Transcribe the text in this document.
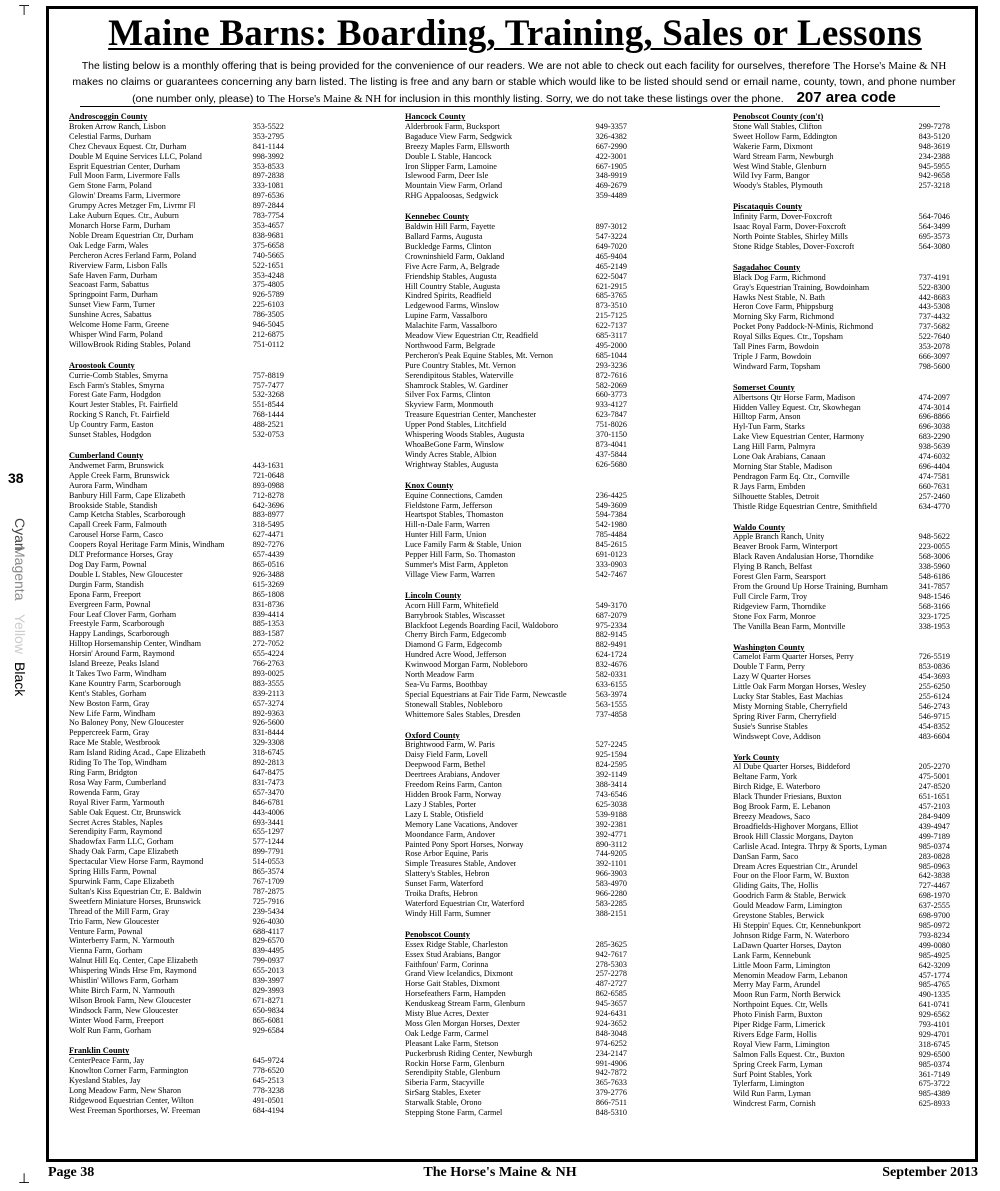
⊤
38
Cyan
Magenta
Yellow
Black
⊥
Maine Barns: Boarding, Training, Sales or Lessons
The listing below is a monthly offering that is being provided for the convenience of our readers. We are not able to check out each facility for ourselves, therefore The Horse's Maine & NH makes no claims or guarantees concerning any barn listed. The listing is free and any barn or stable which would like to be listed should send or email name, county, town, and phone number (one number only, please) to The Horse's Maine & NH for inclusion in this monthly listing. Sorry, we do not take these listings over the phone. 207 area code
Androscoggin County
Broken Arrow Ranch, Lisbon	353-5522
Celestial Farms, Durham	353-2795
Chez Chevaux Equest. Ctr, Durham	841-1144
Double M Equine Services LLC, Poland	998-3992
Esprit Equestrian Center, Durham	353-8533
Full Moon Farm, Livermore Falls	897-2838
Gem Stone Farm, Poland	333-1081
Glowin' Dreams Farm, Livermore	897-6536
Grumpy Acres Metzger Fm, Livrmr Fl	897-2844
Lake Auburn Eques. Ctr., Auburn	783-7754
Monarch Horse Farm, Durham	353-4657
Noble Dream Equestrian Ctr, Durham	838-9681
Oak Ledge Farm, Wales	375-6658
Percheron Acres Ferland Farm, Poland	740-5665
Riverview Farm, Lisbon Falls	522-1651
Safe Haven Farm, Durham	353-4248
Seacoast Farm, Sabattus	375-4805
Springpoint Farm, Durham	926-5789
Sunset View Farm, Turner	225-6103
Sunshine Acres, Sabattus	786-3505
Welcome Home Farm, Greene	946-5045
Whisper Wind Farm, Poland	212-6875
WillowBrook Riding Stables, Poland	751-0112
Aroostook County
Currie-Comb Stables, Smyrna	757-8819
Esch Farm's Stables, Smyrna	757-7477
Forest Gate Farm, Hodgdon	532-3268
Kourt Jester Stables, Ft. Fairfield	551-8544
Rocking S Ranch, Ft. Fairfield	768-1444
Up Country Farm, Easton	488-2521
Sunset Stables, Hodgdon	532-0753
Cumberland County
Andwemet Farm, Brunswick	443-1631
Apple Creek Farm, Brunswick	721-0648
Aurora Farm, Windham	893-0988
Banbury Hill Farm, Cape Elizabeth	712-8278
Brookside Stable, Standish	642-3696
Camp Ketcha Stables, Scarborough	883-8977
Capall Creek Farm, Falmouth	318-5495
Carousel Horse Farm, Casco	627-4471
Coopers Royal Heritage Farm Minis, Windham	892-7276
DLT Preformance Horses, Gray	657-4439
Dog Day Farm, Pownal	865-0516
Double L Stables, New Gloucester	926-3488
Durgin Farm, Standish	615-3269
Epona Farm, Freeport	865-1808
Evergreen Farm, Pownal	831-8736
Four Leaf Clover Farm, Gorham	839-4414
Freestyle Farm, Scarborough	885-1353
Happy Landings, Scarborough	883-1587
Hilltop Horsemanship Center, Windham	272-7052
Horsin' Around Farm, Raymond	655-4224
Island Breeze, Peaks Island	766-2763
It Takes Two Farm, Windham	893-0025
Kane Kountry Farm, Scarborough	883-3555
Kent's Stables, Gorham	839-2113
New Boston Farm, Gray	657-3274
New Life Farm, Windham	892-9363
No Baloney Pony, New Gloucester	926-5600
Peppercreek Farm, Gray	831-8444
Race Me Stable, Westbrook	329-3308
Ram Island Riding Acad., Cape Elizabeth	318-6745
Riding To The Top, Windham	892-2813
Ring Farm, Bridgton	647-8475
Rosa Way Farm, Cumberland	831-7473
Rowenda Farm, Gray	657-3470
Royal River Farm, Yarmouth	846-6781
Sable Oak Equest. Ctr, Brunswick	443-4006
Secret Acres Stables, Naples	693-3441
Serendipity Farm, Raymond	655-1297
Shadowfax Farm LLC, Gorham	577-1244
Shady Oak Farm, Cape Elizabeth	899-7791
Spectacular View Horse Farm, Raymond	514-0553
Spring Hills Farm, Pownal	865-3574
Spurwink Farm, Cape Elizabeth	767-1709
Sultan's Kiss Equestrian Ctr, E. Baldwin	787-2875
Sweetfern Miniature Horses, Brunswick	725-7916
Thread of the Mill Farm, Gray	239-5434
Trio Farm, New Gloucester	926-4030
Venture Farm, Pownal	688-4117
Winterberry Farm, N. Yarmouth	829-6570
Vienna Farm, Gorham	839-4495
Walnut Hill Eq. Center, Cape Elizabeth	799-0937
Whispering Winds Hrse Fm, Raymond	655-2013
Whistlin' Willows Farm, Gorham	839-3997
White Birch Farm, N. Yarmouth	829-3993
Wilson Brook Farm, New Gloucester	671-8271
Windsock Farm, New Gloucester	650-9834
Winter Wood Farm, Freeport	865-6081
Wolf Run Farm, Gorham	929-6584
Franklin County
CenterPeace Farm, Jay	645-9724
Knowlton Corner Farm, Farmington	778-6520
Kyesland Stables, Jay	645-2513
Long Meadow Farm, New Sharon	778-3238
Ridgewood Equestrian Center, Wilton	491-0501
West Freeman Sporthorses, W. Freeman	684-4194
Hancock County
Alderbrook Farm, Bucksport	949-3357
Bagaduce View Farm, Sedgwick	326-4382
Breezy Maples Farm, Ellsworth	667-2990
Double L Stable, Hancock	422-3001
Iron Slipper Farm, Lamoine	667-1905
Islewood Farm, Deer Isle	348-9919
Mountain View Farm, Orland	469-2679
RHG Appaloosas, Sedgwick	359-4489
Kennebec County
Baldwin Hill Farm, Fayette	897-3012
Ballard Farms, Augusta	547-3224
Buckledge Farms, Clinton	649-7020
Crowninshield Farm, Oakland	465-9404
Five Acre Farm, A, Belgrade	465-2149
Friendship Stables, Augusta	622-5047
Hill Country Stable, Augusta	621-2915
Kindred Spirits, Readfield	685-3765
Ledgewood Farms, Winslow	873-3510
Lupine Farm, Vassalboro	215-7125
Malachite Farm, Vassalboro	622-7137
Meadow View Equestrian Ctr, Readfield	685-3117
Northwood Farm, Belgrade	495-2000
Percheron's Peak Equine Stables, Mt. Vernon	685-1044
Pure Country Stables, Mt. Vernon	293-3236
Serendipitous Stables, Waterville	872-7616
Shamrock Stables, W. Gardiner	582-2069
Silver Fox Farms, Clinton	660-3773
Skyview Farm, Monmouth	933-4127
Treasure Equestrian Center, Manchester	623-7847
Upper Pond Stables, Litchfield	751-8026
Whispering Woods Stables, Augusta	370-1150
WhoaBeGone Farm, Winslow	873-4041
Windy Acres Stable, Albion	437-5844
Wrightway Stables, Augusta	626-5680
Knox County
Equine Connections, Camden	236-4425
Fieldstone Farm, Jefferson	549-3609
Heartspot Stables, Thomaston	594-7384
Hill-n-Dale Farm, Warren	542-1980
Hunter Hill Farm, Union	785-4484
Luce Family Farm & Stable, Union	845-2615
Pepper Hill Farm, So. Thomaston	691-0123
Summer's Mist Farm, Appleton	333-0903
Village View Farm, Warren	542-7467
Lincoln County
Acorn Hill Farm, Whitefield	549-3170
Barrybrook Stables, Wiscasset	687-2079
Blackfoot Legends Boarding Facil, Waldoboro	975-2334
Cherry Birch Farm, Edgecomb	882-9145
Diamond G Farm, Edgecomb	882-9491
Hundred Acre Wood, Jefferson	624-1724
Kwinwood Morgan Farm, Nobleboro	832-4676
North Meadow Farm	582-0331
Sea-Vu Farms, Boothbay	633-6155
Special Equestrians at Fair Tide Farm, Newcastle	563-3974
Stonewall Stables, Nobleboro	563-1555
Whittemore Sales Stables, Dresden	737-4858
Oxford County
Brightwood Farm, W. Paris	527-2245
Daisy Field Farm, Lovell	925-1594
Deepwood Farm, Bethel	824-2595
Deertrees Arabians, Andover	392-1149
Freedom Reins Farm, Canton	388-3414
Hidden Brook Farm, Norway	743-6546
Lazy J Stables, Porter	625-3038
Lazy L Stable, Otisfield	539-9188
Memory Lane Vacations, Andover	392-2381
Moondance Farm, Andover	392-4771
Painted Pony Sport Horses, Norway	890-3112
Rose Arbor Equine, Paris	744-9205
Simple Treasures Stable, Andover	392-1101
Slattery's Stables, Hebron	966-3903
Sunset Farm, Waterford	583-4970
Troika Drafts, Hebron	966-2280
Waterford Equestrian Ctr, Waterford	583-2285
Windy Hill Farm, Sumner	388-2151
Penobscot County
Essex Ridge Stable, Charleston	285-3625
Essex Stud Arabians, Bangor	942-7617
Faithfoun' Farm, Corinna	278-5303
Grand View Icelandics, Dixmont	257-2278
Horse Gait Stables, Dixmont	487-2727
Horsefeathers Farm, Hampden	862-6585
Kenduskeag Stream Farm, Glenburn	945-3657
Misty Blue Acres, Dexter	924-6431
Moss Glen Morgan Horses, Dexter	924-3652
Oak Ledge Farm, Carmel	848-3048
Pleasant Lake Farm, Stetson	974-6252
Puckerbrush Riding Center, Newburgh	234-2147
Rockin Horse Farm, Glenburn	991-4906
Serendipity Stable, Glenburn	942-7872
Siberia Farm, Stacyville	365-7633
SirSarg Stables, Exeter	379-2776
Starwalk Stable, Orono	866-7511
Stepping Stone Farm, Carmel	848-5310
Penobscot County (con't)
Stone Wall Stables, Clifton	299-7278
Sweet Hollow Farm, Eddington	843-5120
Wakerie Farm, Dixmont	948-3619
Ward Stream Farm, Newburgh	234-2388
West Wind Stable, Glenburn	945-5955
Wild Ivy Farm, Bangor	942-9658
Woody's Stables, Plymouth	257-3218
Piscataquis County
Infinity Farm, Dover-Foxcroft	564-7046
Isaac Royal Farm, Dover-Foxcroft	564-3499
North Pointe Stables, Shirley Mills	695-3573
Stone Ridge Stables, Dover-Foxcroft	564-3080
Sagadahoc County
Black Dog Farm, Richmond	737-4191
Gray's Equestrian Training, Bowdoinham	522-8300
Hawks Nest Stable, N. Bath	442-8683
Heron Cove Farm, Phippsburg	443-5308
Morning Sky Farm, Richmond	737-4432
Pocket Pony Paddock-N-Minis, Richmond	737-5682
Royal Silks Eques. Ctr., Topsham	522-7640
Tall Pines Farm, Bowdoin	353-2078
Triple J Farm, Bowdoin	666-3097
Windward Farm, Topsham	798-5600
Somerset County
Albertsons Qtr Horse Farm, Madison	474-2097
Hidden Valley Equest. Ctr, Skowhegan	474-3014
Hilltop Farm, Anson	696-8866
Hyl-Tun Farm, Starks	696-3038
Lake View Equestrian Center, Harmony	683-2290
Lang Hill Farm, Palmyra	938-5639
Lone Oak Arabians, Canaan	474-6032
Morning Star Stable, Madison	696-4404
Pendragon Farm Eq. Ctr., Cornville	474-7581
R Jays Farm, Embden	660-7631
Silhouette Stables, Detroit	257-2460
Thistle Ridge Equestrian Centre, Smithfield	634-4770
Waldo County
Apple Branch Ranch, Unity	948-5622
Beaver Brook Farm, Winterport	223-0055
Black Raven Andalusian Horse, Thorndike	568-3006
Flying B Ranch, Belfast	338-5960
Forest Glen Farm, Searsport	548-6186
From the Ground Up Horse Training, Burnham	341-7857
Full Circle Farm, Troy	948-1546
Ridgeview Farm, Thorndike	568-3166
Stone Fox Farm, Monroe	323-1725
The Vanilla Bean Farm, Montville	338-1953
Washington County
Camelot Farm Quarter Horses, Perry	726-5519
Double T Farm, Perry	853-0836
Lazy W Quarter Horses	454-3693
Little Oak Farm Morgan Horses, Wesley	255-6250
Lucky Star Stables, East Machias	255-6124
Misty Morning Stable, Cherryfield	546-2743
Spring River Farm, Cherryfield	546-9715
Susie's Sunrise Stables	454-8352
Windswept Cove, Addison	483-6604
York County
Al Dube Quarter Horses, Biddeford	205-2270
Beltane Farm, York	475-5001
Birch Ridge, E. Waterboro	247-8520
Black Thunder Friesians, Buxton	651-1651
Bog Brook Farm, E. Lebanon	457-2103
Breezy Meadows, Saco	284-9409
Broadfields-Highover Morgans, Elliot	439-4947
Brook Hill Classic Morgans, Dayton	499-7189
Carlisle Acad. Integra. Thrpy & Sports, Lyman	985-0374
DanSan Farm, Saco	283-0828
Dream Acres Equestrian Ctr., Arundel	985-0963
Four on the Floor Farm, W. Buxton	642-3838
Gliding Gaits, The, Hollis	727-4467
Goodrich Farm & Stable, Berwick	698-1970
Gould Meadow Farm, Limington	637-2555
Greystone Stables, Berwick	698-9700
Hi Steppin' Eques. Ctr, Kennebunkport	985-0972
Johnson Ridge Farm, N. Waterboro	793-8234
LaDawn Quarter Horses, Dayton	499-0080
Lank Farm, Kennebunk	985-4925
Little Moon Farm, Limington	642-3209
Menomin Meadow Farm, Lebanon	457-1774
Merry May Farm, Arundel	985-4765
Moon Run Farm, North Berwick	490-1335
Northpoint Eques. Ctr, Wells	641-0741
Photo Finish Farm, Buxton	929-6562
Piper Ridge Farm, Limerick	793-4101
Rivers Edge Farm, Hollis	929-4701
Royal View Farm, Limington	318-6745
Salmon Falls Equest. Ctr., Buxton	929-6500
Spring Creek Farm, Lyman	985-0374
Surf Point Stables, York	361-7149
Tylerfarm, Limington	675-3722
Wild Run Farm, Lyman	985-4389
Windcrest Farm, Cornish	625-8933
Page 38	The Horse's Maine & NH	September 2013
